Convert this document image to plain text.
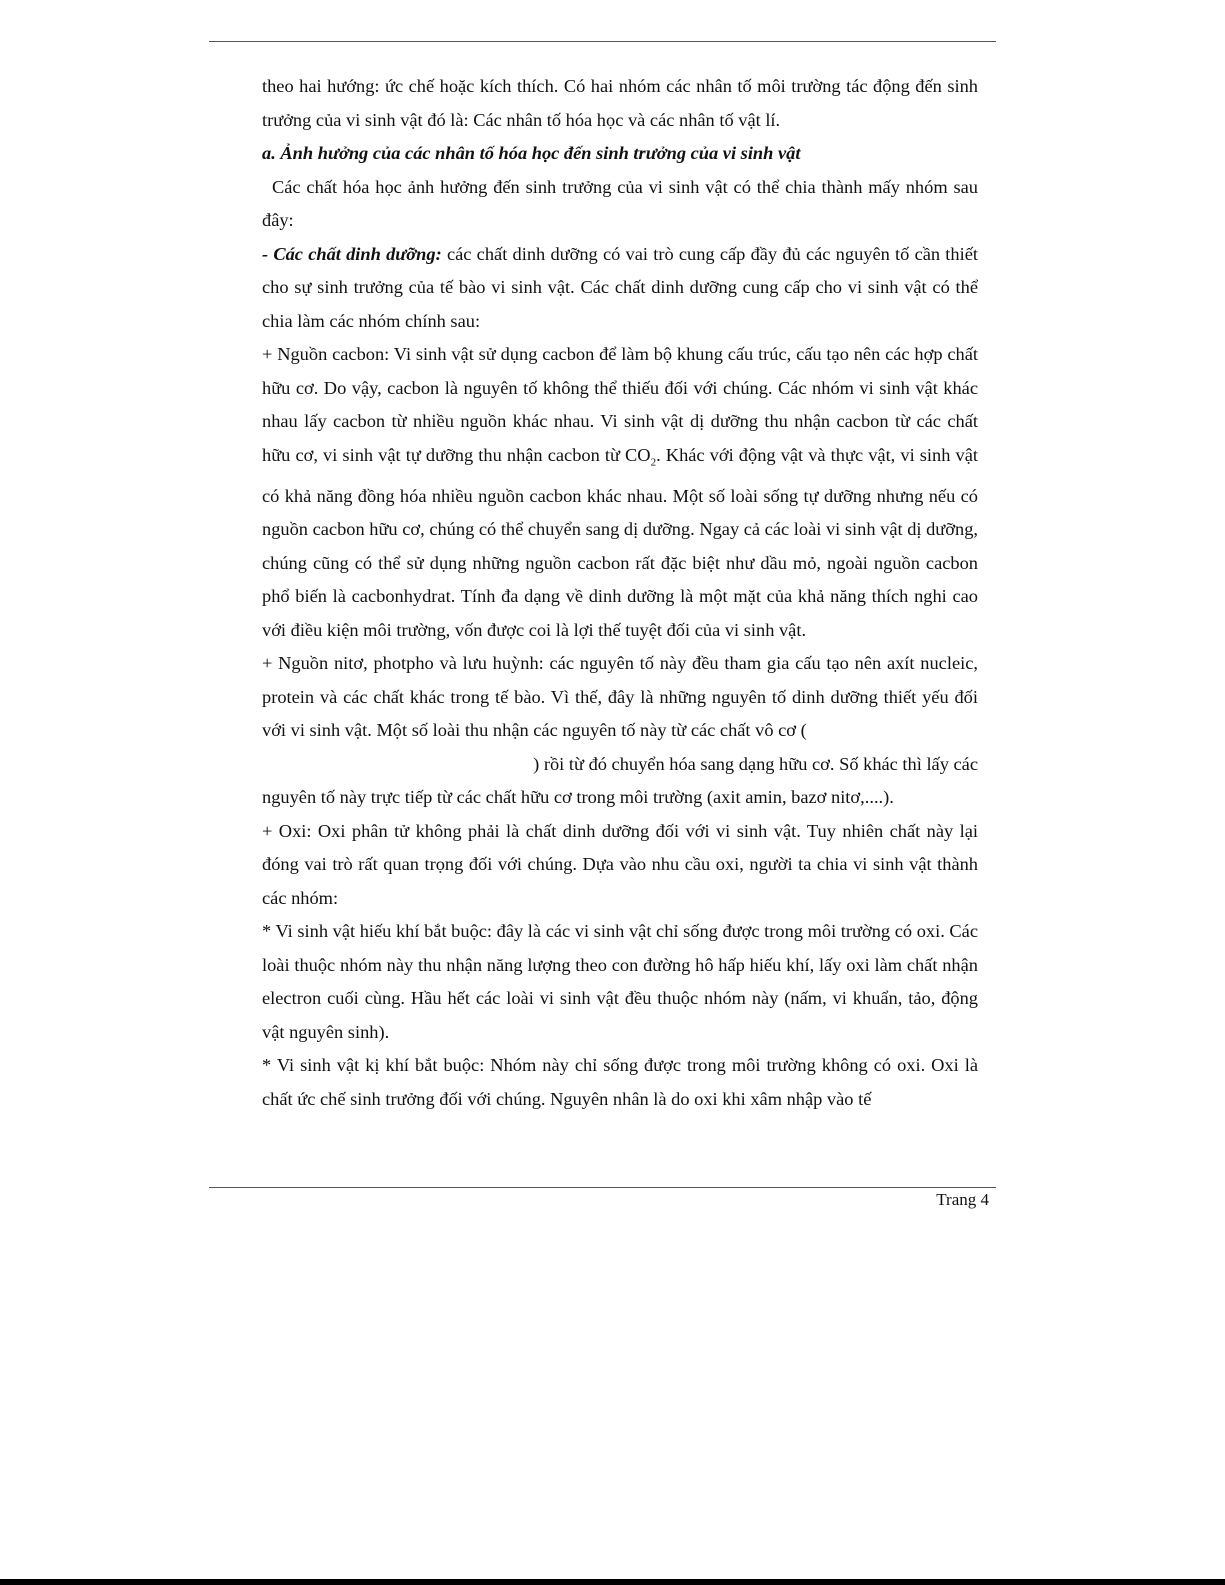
theo hai hướng: ức chế hoặc kích thích. Có hai nhóm các nhân tố môi trường tác động đến sinh trưởng của vi sinh vật đó là: Các nhân tố hóa học và các nhân tố vật lí.

a. Ảnh hưởng của các nhân tố hóa học đến sinh trưởng của vi sinh vật

Các chất hóa học ảnh hưởng đến sinh trưởng của vi sinh vật có thể chia thành mấy nhóm sau đây:

- Các chất dinh dưỡng: các chất dinh dưỡng có vai trò cung cấp đầy đủ các nguyên tố cần thiết cho sự sinh trưởng của tế bào vi sinh vật. Các chất dinh dưỡng cung cấp cho vi sinh vật có thể chia làm các nhóm chính sau:

+ Nguồn cacbon: Vi sinh vật sử dụng cacbon để làm bộ khung cấu trúc, cấu tạo nên các hợp chất hữu cơ. Do vậy, cacbon là nguyên tố không thể thiếu đối với chúng. Các nhóm vi sinh vật khác nhau lấy cacbon từ nhiều nguồn khác nhau. Vi sinh vật dị dưỡng thu nhận cacbon từ các chất hữu cơ, vi sinh vật tự dưỡng thu nhận cacbon từ $CO_2$. Khác với động vật và thực vật, vi sinh vật có khả năng đồng hóa nhiều nguồn cacbon khác nhau. Một số loài sống tự dưỡng nhưng nếu có nguồn cacbon hữu cơ, chúng có thể chuyển sang dị dưỡng. Ngay cả các loài vi sinh vật dị dưỡng, chúng cũng có thể sử dụng những nguồn cacbon rất đặc biệt như dầu mỏ, ngoài nguồn cacbon phổ biến là cacbonhydrat. Tính đa dạng về dinh dưỡng là một mặt của khả năng thích nghi cao với điều kiện môi trường, vốn được coi là lợi thế tuyệt đối của vi sinh vật.

+ Nguồn nitơ, photpho và lưu huỳnh: các nguyên tố này đều tham gia cấu tạo nên axít nucleic, protein và các chất khác trong tế bào. Vì thế, đây là những nguyên tố dinh dưỡng thiết yếu đối với vi sinh vật. Một số loài thu nhận các nguyên tố này từ các chất vô cơ (

) rồi từ đó chuyển hóa sang dạng hữu cơ. Số khác thì lấy các

nguyên tố này trực tiếp từ các chất hữu cơ trong môi trường (axit amin, bazơ nitơ,....).

+ Oxi: Oxi phân tử không phải là chất dinh dưỡng đối với vi sinh vật. Tuy nhiên chất này lại đóng vai trò rất quan trọng đối với chúng. Dựa vào nhu cầu oxi, người ta chia vi sinh vật thành các nhóm:

* Vi sinh vật hiếu khí bắt buộc: đây là các vi sinh vật chỉ sống được trong môi trường có oxi. Các loài thuộc nhóm này thu nhận năng lượng theo con đường hô hấp hiếu khí, lấy oxi làm chất nhận electron cuối cùng. Hầu hết các loài vi sinh vật đều thuộc nhóm này (nấm, vi khuẩn, tảo, động vật nguyên sinh).

* Vi sinh vật kị khí bắt buộc: Nhóm này chỉ sống được trong môi trường không có oxi. Oxi là chất ức chế sinh trưởng đối với chúng. Nguyên nhân là do oxi khi xâm nhập vào tế

Trang 4
